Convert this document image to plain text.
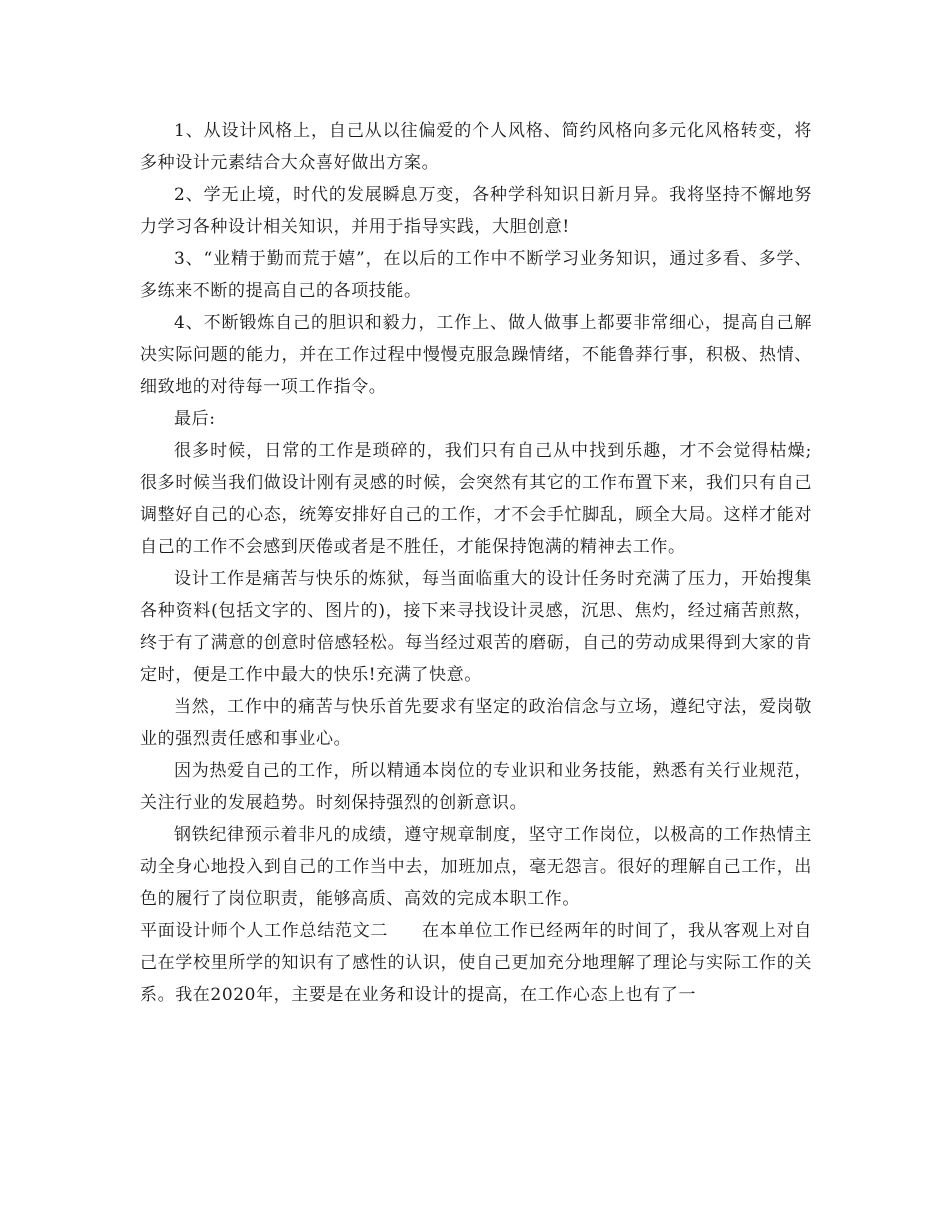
1、从设计风格上，自己从以往偏爱的个人风格、简约风格向多元化风格转变，将多种设计元素结合大众喜好做出方案。

2、学无止境，时代的发展瞬息万变，各种学科知识日新月异。我将坚持不懈地努力学习各种设计相关知识，并用于指导实践，大胆创意!

3、“业精于勤而荒于嬉”，在以后的工作中不断学习业务知识，通过多看、多学、多练来不断的提高自己的各项技能。

4、不断锻炼自己的胆识和毅力，工作上、做人做事上都要非常细心，提高自己解决实际问题的能力，并在工作过程中慢慢克服急躁情绪，不能鲁莽行事，积极、热情、细致地的对待每一项工作指令。

最后:

很多时候，日常的工作是琐碎的，我们只有自己从中找到乐趣，才不会觉得枯燥;很多时候当我们做设计刚有灵感的时候，会突然有其它的工作布置下来，我们只有自己调整好自己的心态，统筹安排好自己的工作，才不会手忙脚乱，顾全大局。这样才能对自己的工作不会感到厌倦或者是不胜任，才能保持饱满的精神去工作。

设计工作是痛苦与快乐的炼狱，每当面临重大的设计任务时充满了压力，开始搜集各种资料(包括文字的、图片的)，接下来寻找设计灵感，沉思、焦灼，经过痛苦煎熬，终于有了满意的创意时倍感轻松。每当经过艰苦的磨砺，自己的劳动成果得到大家的肯定时，便是工作中最大的快乐!充满了快意。

当然，工作中的痛苦与快乐首先要求有坚定的政治信念与立场，遵纪守法，爱岗敬业的强烈责任感和事业心。

因为热爱自己的工作，所以精通本岗位的专业识和业务技能，熟悉有关行业规范，关注行业的发展趋势。时刻保持强烈的创新意识。

钢铁纪律预示着非凡的成绩，遵守规章制度，坚守工作岗位，以极高的工作热情主动全身心地投入到自己的工作当中去，加班加点，毫无怨言。很好的理解自己工作，出色的履行了岗位职责，能够高质、高效的完成本职工作。

平面设计师个人工作总结范文二 在本单位工作已经两年的时间了，我从客观上对自己在学校里所学的知识有了感性的认识，使自己更加充分地理解了理论与实际工作的关系。我在2020年，主要是在业务和设计的提高，在工作心态上也有了一
